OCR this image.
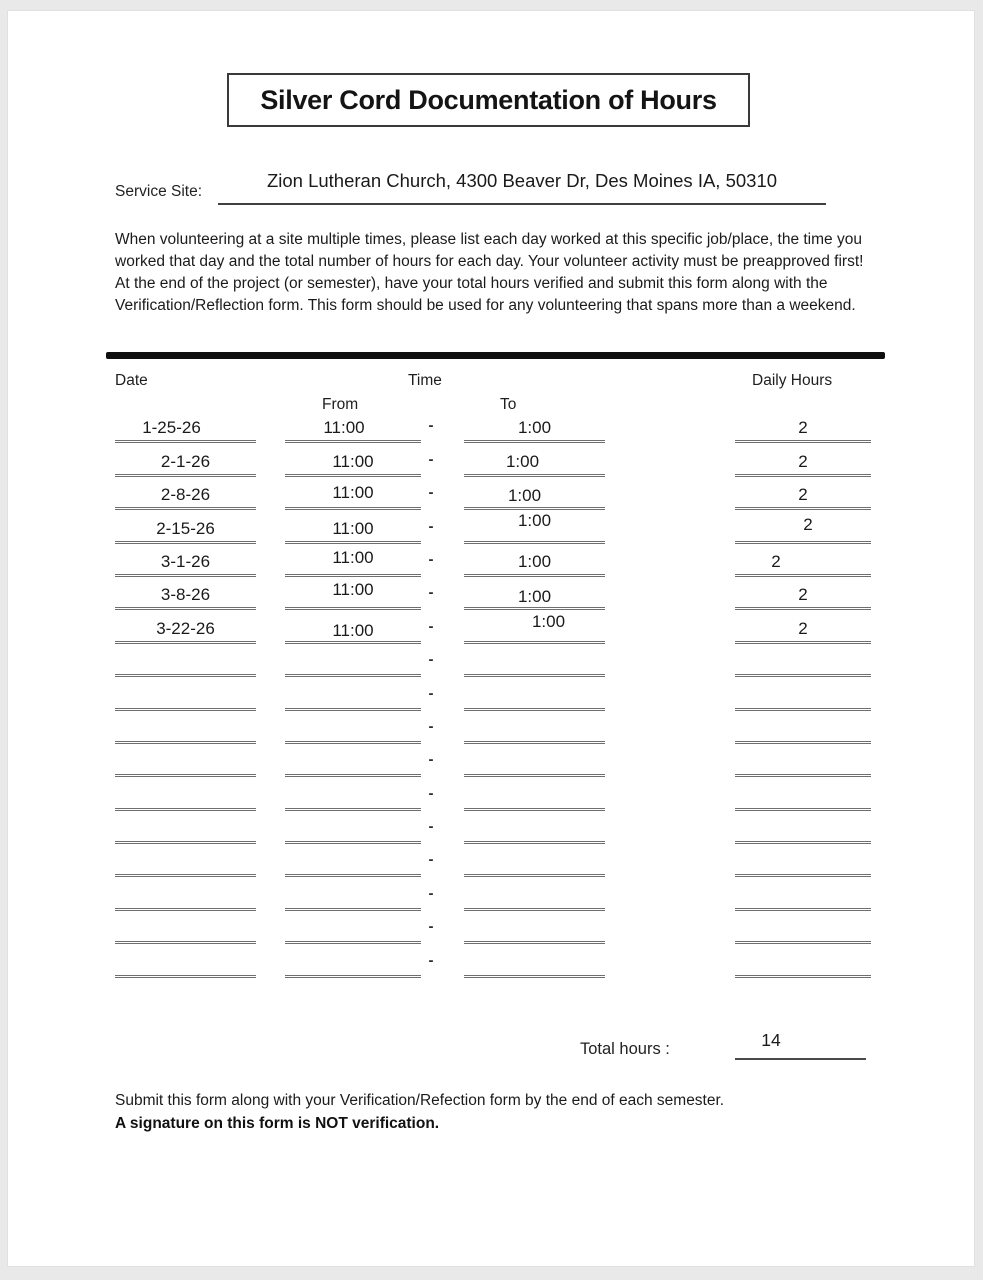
Silver Cord Documentation of Hours
Service Site:
Zion Lutheran Church, 4300 Beaver Dr, Des Moines IA, 50310

When volunteering at a site multiple times, please list each day worked at this specific job/place, the time you worked that day and the total number of hours for each day. Your volunteer activity must be preapproved first! At the end of the project (or semester), have your total hours verified and submit this form along with the Verification/Reflection form. This form should be used for any volunteering that spans more than a weekend.

Date	Time	Daily Hours
From	To
1-25-26	11:00	-	1:00	2
2-1-26	11:00	-	1:00	2
2-8-26	11:00	-	1:00	2
2-15-26	11:00	-	1:00	2
3-1-26	11:00	-	1:00	2
3-8-26	11:00	-	1:00	2
3-22-26	11:00	-	1:00	2
-
-
-
-
-
-
-
-
-
-
Total hours :	14
Submit this form along with your Verification/Refection form by the end of each semester.
A signature on this form is NOT verification.
